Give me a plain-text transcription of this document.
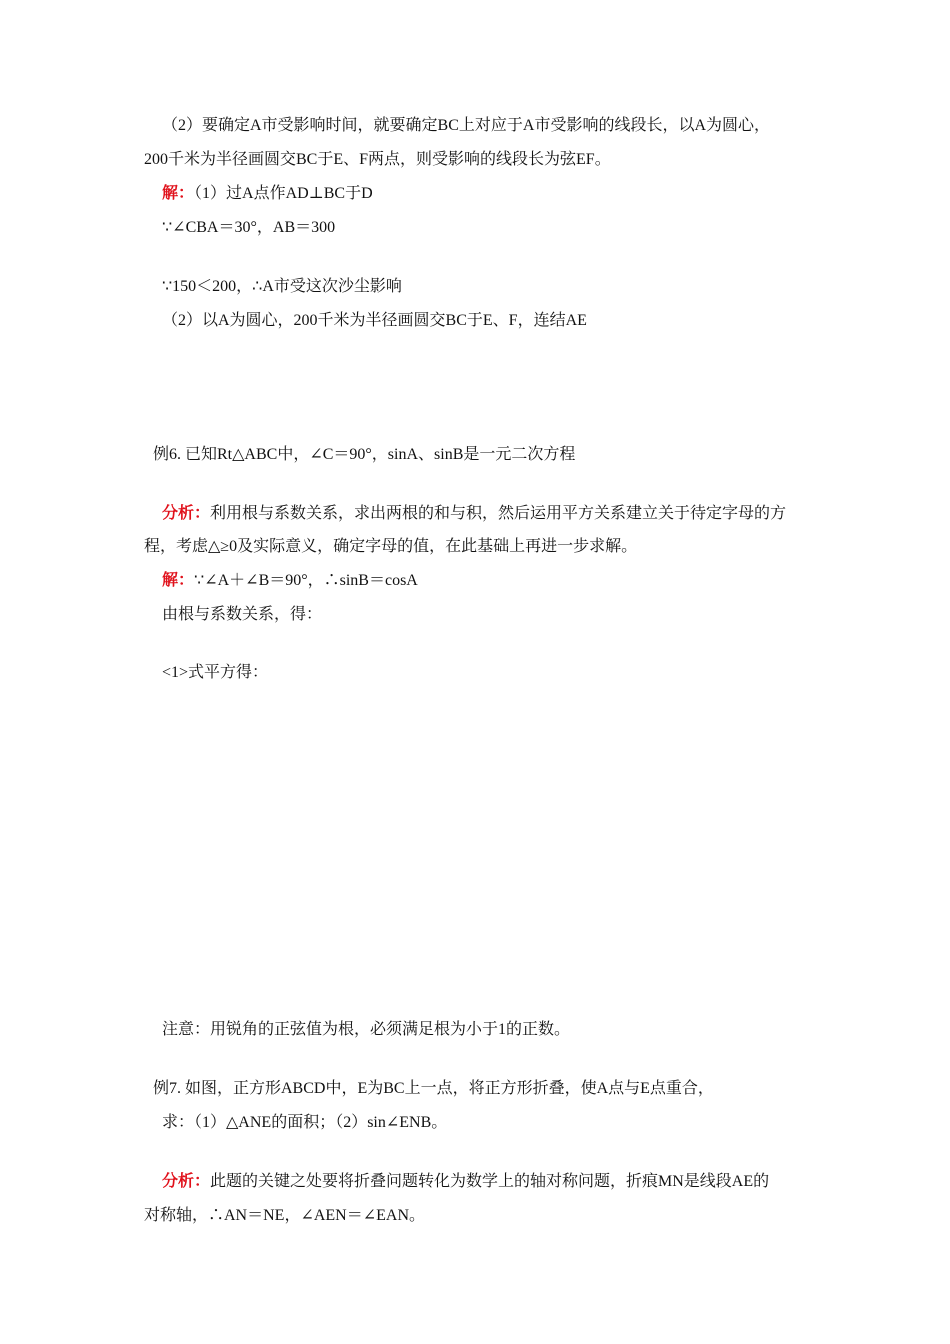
（2）要确定A市受影响时间，就要确定BC上对应于A市受影响的线段长，以A为圆心，
200千米为半径画圆交BC于E、F两点，则受影响的线段长为弦EF。
解：（1）过A点作AD⊥BC于D
∵∠CBA＝30°，AB＝300
∵150＜200，∴A市受这次沙尘影响
（2）以A为圆心，200千米为半径画圆交BC于E、F，连结AE
例6. 已知Rt△ABC中，∠C＝90°，sinA、sinB是一元二次方程
分析：利用根与系数关系，求出两根的和与积，然后运用平方关系建立关于待定字母的方
程，考虑△≥0及实际意义，确定字母的值，在此基础上再进一步求解。
解：∵∠A＋∠B＝90°，∴sinB＝cosA
由根与系数关系，得：
<1>式平方得：
注意：用锐角的正弦值为根，必须满足根为小于1的正数。
例7. 如图，正方形ABCD中，E为BC上一点，将正方形折叠，使A点与E点重合，
求：（1）△ANE的面积；（2）sin∠ENB。
分析：此题的关键之处要将折叠问题转化为数学上的轴对称问题，折痕MN是线段AE的
对称轴，∴AN＝NE，∠AEN＝∠EAN。
